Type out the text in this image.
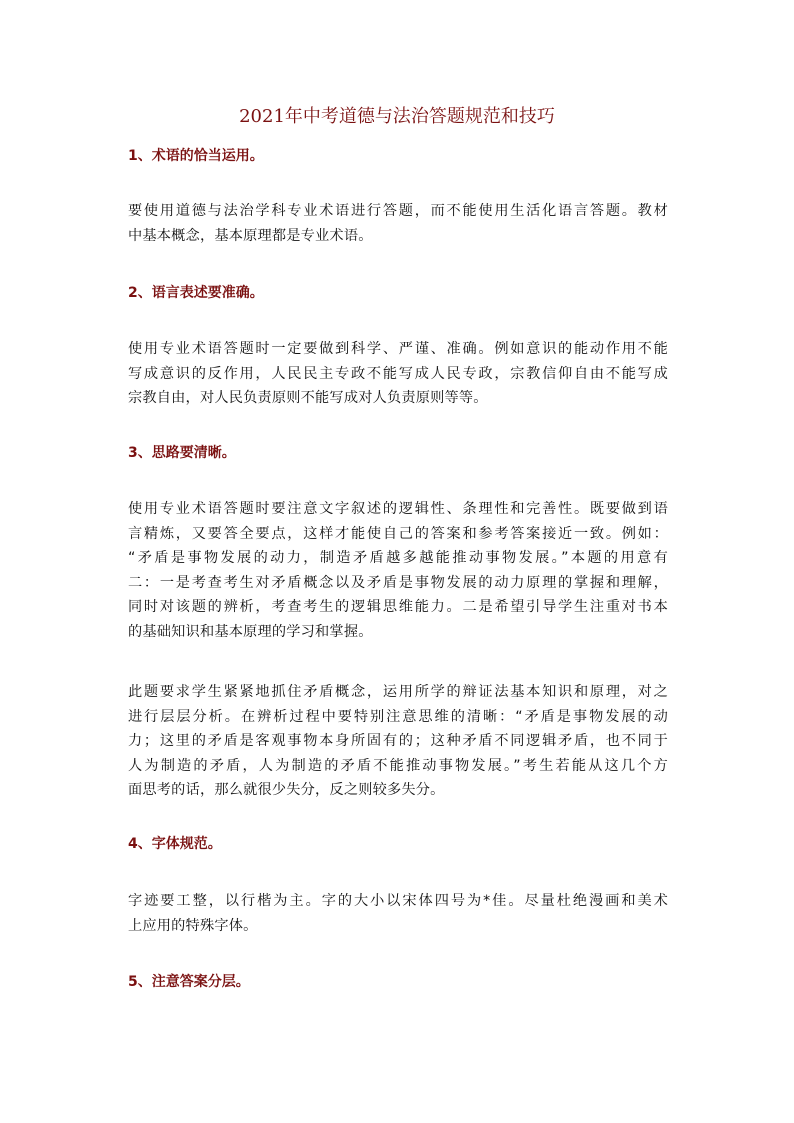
2021年中考道德与法治答题规范和技巧
1、术语的恰当运用。
要使用道德与法治学科专业术语进行答题，而不能使用生活化语言答题。教材
中基本概念，基本原理都是专业术语。
2、语言表述要准确。
使用专业术语答题时一定要做到科学、严谨、准确。例如意识的能动作用不能
写成意识的反作用，人民民主专政不能写成人民专政，宗教信仰自由不能写成
宗教自由，对人民负责原则不能写成对人负责原则等等。
3、思路要清晰。
使用专业术语答题时要注意文字叙述的逻辑性、条理性和完善性。既要做到语
言精炼，又要答全要点，这样才能使自己的答案和参考答案接近一致。例如：
“矛盾是事物发展的动力，制造矛盾越多越能推动事物发展。”本题的用意有
二：一是考查考生对矛盾概念以及矛盾是事物发展的动力原理的掌握和理解，
同时对该题的辨析，考查考生的逻辑思维能力。二是希望引导学生注重对书本
的基础知识和基本原理的学习和掌握。
此题要求学生紧紧地抓住矛盾概念，运用所学的辩证法基本知识和原理，对之
进行层层分析。在辨析过程中要特别注意思维的清晰：“矛盾是事物发展的动
力；这里的矛盾是客观事物本身所固有的；这种矛盾不同逻辑矛盾，也不同于
人为制造的矛盾，人为制造的矛盾不能推动事物发展。”考生若能从这几个方
面思考的话，那么就很少失分，反之则较多失分。
4、字体规范。
字迹要工整，以行楷为主。字的大小以宋体四号为*佳。尽量杜绝漫画和美术
上应用的特殊字体。
5、注意答案分层。
